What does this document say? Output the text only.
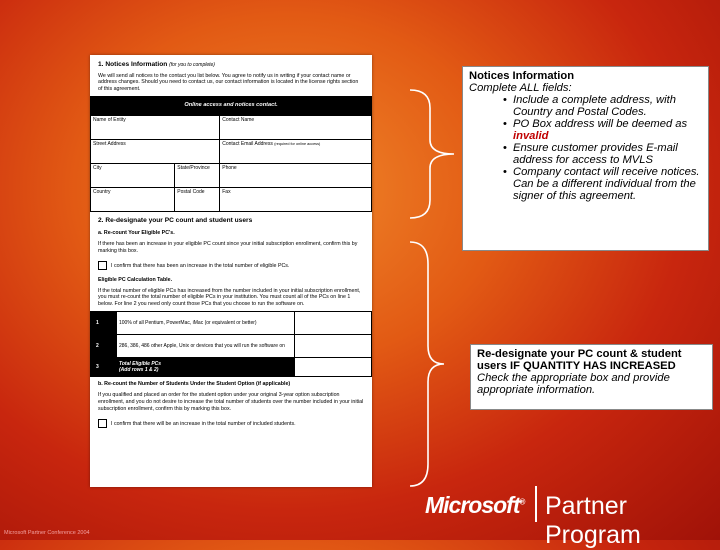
1. Notices Information (for you to complete)

We will send all notices to the contact you list below. You agree to notify us in writing if your contact name or address changes. Should you need to contact us, our contact information is located in the license rights section of this agreement.

Online access and notices contact.
Name of Entity		Contact Name
Street Address		Contact Email Address (required for online access)
City	State/Province	Phone
Country	Postal Code	Fax

2. Re-designate your PC count and student users

a. Re-count Your Eligible PC's.

If there has been an increase in your eligible PC count since your initial subscription enrollment, confirm this by marking this box.

I confirm that there has been an increase in the total number of eligible PCs.

Eligible PC Calculation Table.

If the total number of eligible PCs has increased from the number included in your initial subscription enrollment, you must re-count the total number of eligible PCs in your institution. You must count all of the PCs on line 1 below. For line 2 you need only count those PCs that you choose to run the software on.

1	100% of all Pentium, PowerMac, iMac (or equivalent or better)	
2	286, 386, 486 other Apple, Unix or devices that you will run the software on	
3	Total Eligible PCs
(Add rows 1 & 2)	

b. Re-count the Number of Students Under the Student Option (if applicable)

If you qualified and placed an order for the student option under your original 3-year option subscription enrollment, and you do not desire to increase the total number of students over the number included in your initial subscription enrollment, confirm this by marking this box.

I confirm that there will be an increase in the total number of included students.

Notices Information
Complete ALL fields:
• Include a complete address, with Country and Postal Codes.
• PO Box address will be deemed as invalid
• Ensure customer provides E-mail address for access to MVLS
• Company contact will receive notices. Can be a different individual from the signer of this agreement.
Re-designate your PC count & student users IF QUANTITY HAS INCREASED
Check the appropriate box and provide appropriate information.
Microsoft® Partner Program
Microsoft Partner Conference 2004
